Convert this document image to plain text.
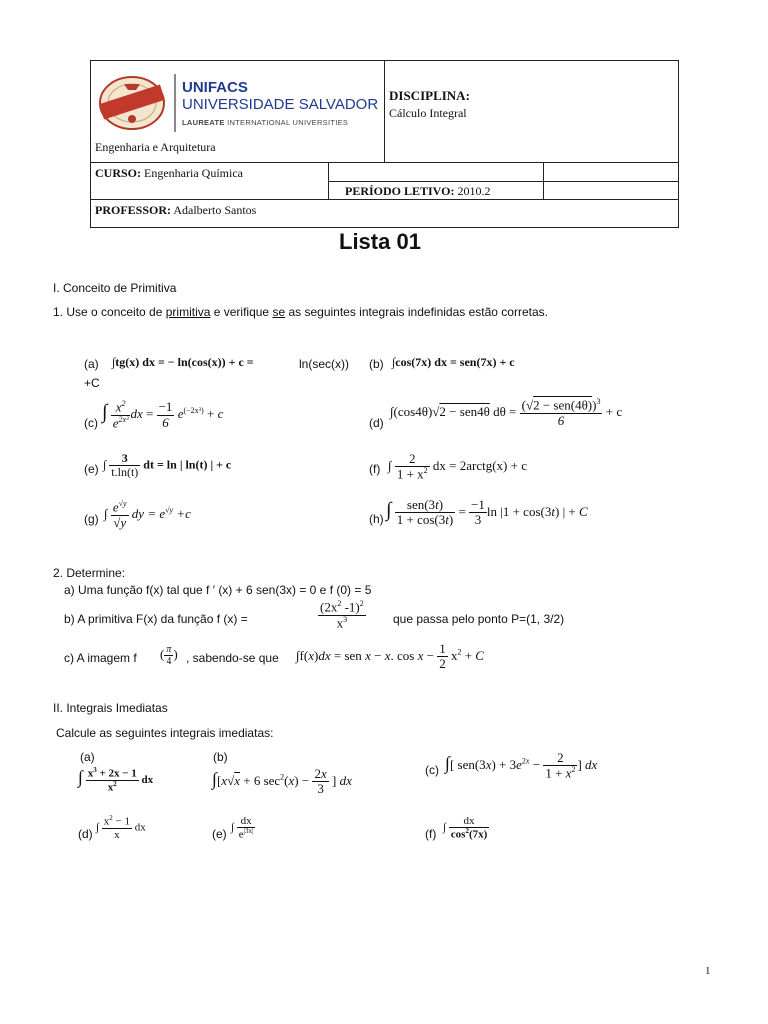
UNIFACS
UNIVERSIDADE SALVADOR
LAUREATE INTERNATIONAL UNIVERSITIES
Engenharia e Arquitetura
DISCIPLINA:
Cálculo Integral
CURSO: Engenharia Química
PERÍODO LETIVO: 2010.2
PROFESSOR: Adalberto Santos
Lista 01
I. Conceito de Primitiva
1. Use o conceito de primitiva e verifique se as seguintes integrais indefinidas estão corretas.
(a) ∫tg(x) dx = − ln(cos(x)) + c =	ln(sec(x))
+C
(b) ∫cos(7x) dx = sen(7x) + c
(c) ∫ $\frac{x^2}{e^{2x^3}}$ dx = $\frac{-1}{6} e^{(-2x^3)} + c$
(d)
∫(cos4θ)√2 − sen4θ $d\theta = \frac{(√2 - sen(4\theta))^3}{6} + c$
(e) ∫ $\frac{3}{t.\ln(t)}$ dt = ln | ln(t) | + c	(f) ∫ $\frac{2}{1 + x^2}$ dx = 2arctg(x) + c
(g) ∫ $\frac{e^{√y}}{√y}$ dy = $e^{√y} +c$	(h) ∫ $\frac{\text{sen(3t)}}{1 + \cos(3t)} = \frac{-1}{3}$ ln |1 + cos(3t) | + C
2. Determine:
a) Uma função f(x) tal que f ′ (x) + 6 sen(3x) = 0 e f (0) = 5
b) A primitiva F(x) da função f (x) =	$\frac{(2x^2 -1)^2}{x^3}$ que passa pelo ponto P=(1, 3/2)
c) A imagem f ( $\frac{\pi}{4}$ ) , sabendo-se que ∫f(x)dx = sen x − x. $\cos x - \frac{1}{2} x^2 + C$
II. Integrais Imediatas
Calcule as seguintes integrais imediatas:
(a)
∫ $\frac{x^3 + 2x - 1}{x^2}$ dx
(b)
∫[x√x + 6 $\sec^2(x) - \frac{2x}{3}$ ] dx
(c) ∫[ $sen(3x) + 3e^{2x} - \frac{2}{1 + x^2}$ ] dx
(d) ∫ $\frac{x^2 - 1}{x}$ dx	(e) ∫ $\frac{dx}{e^{|3x|}}$	(f) ∫ $\frac{dx}{\cos^2(7x)}$
1
